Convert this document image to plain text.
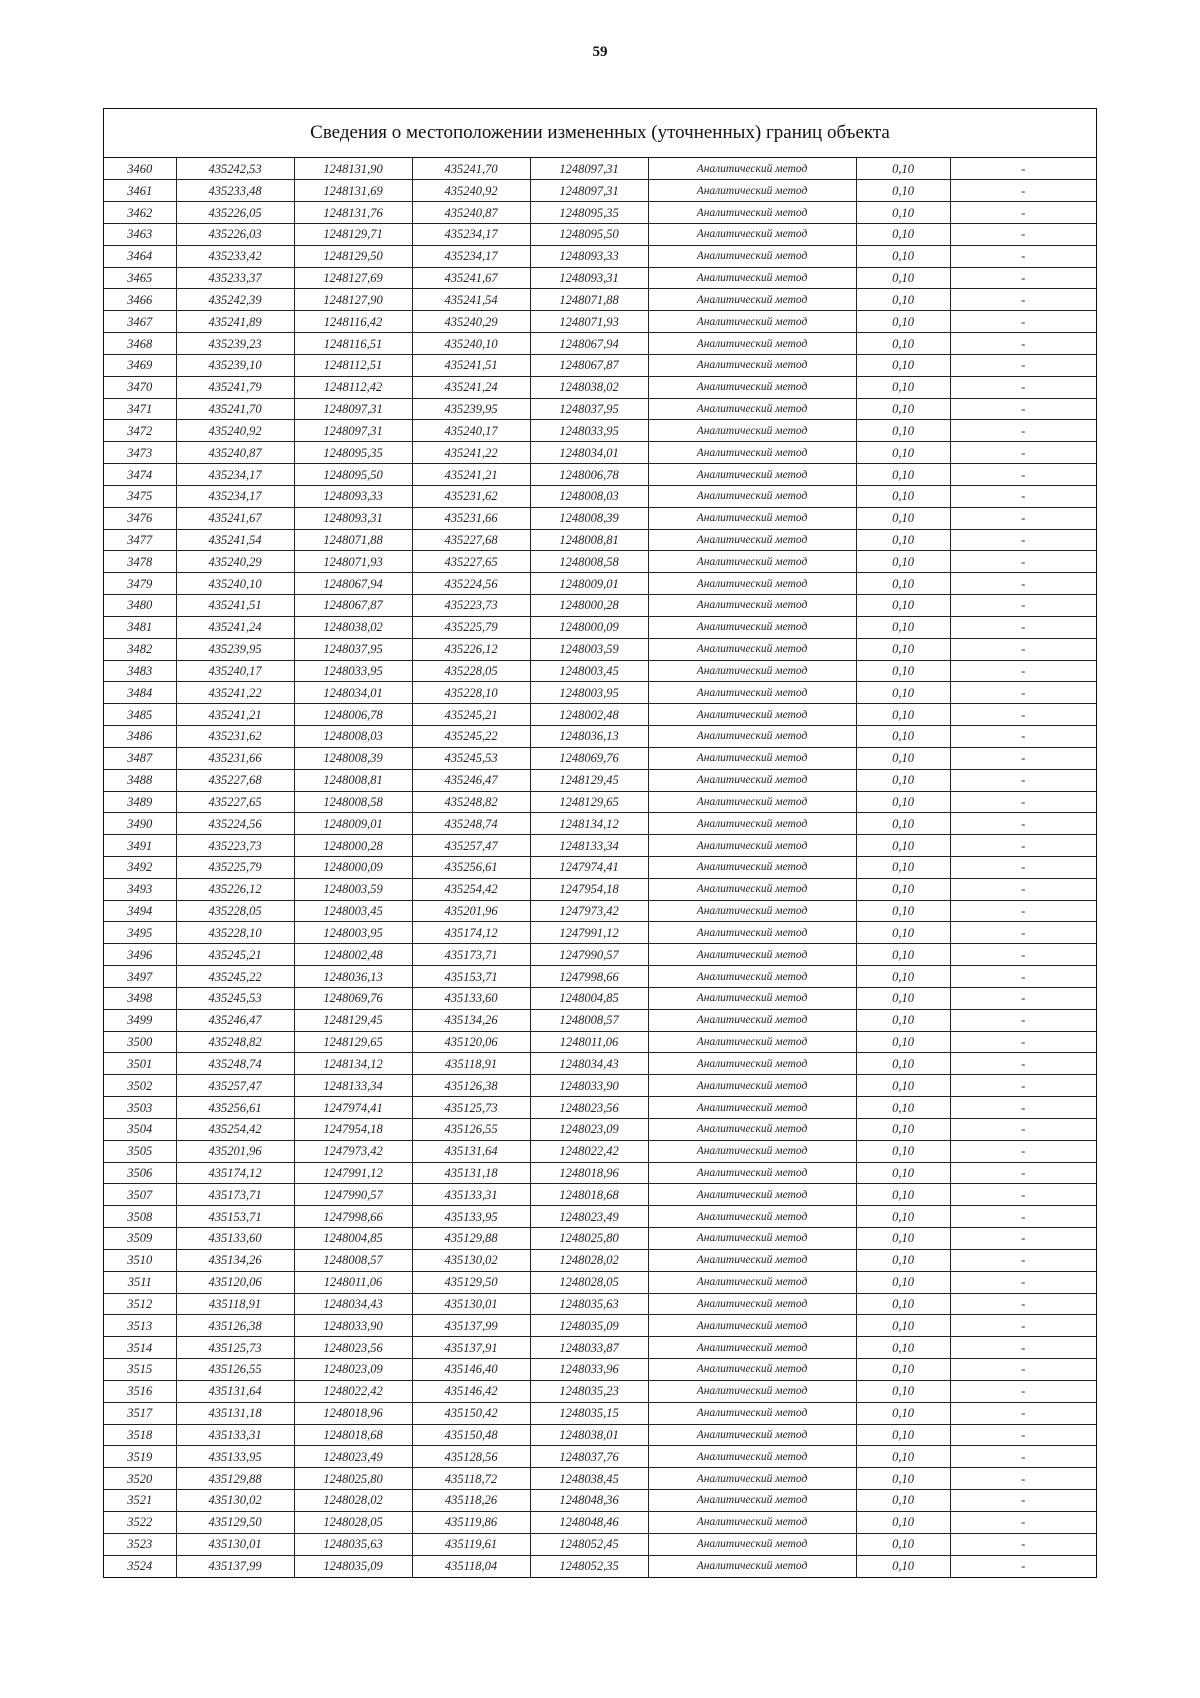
59
Сведения о местоположении измененных (уточненных) границ объекта
3460	435242,53	1248131,90	435241,70	1248097,31	Аналитический метод	0,10	-
3461	435233,48	1248131,69	435240,92	1248097,31	Аналитический метод	0,10	-
3462	435226,05	1248131,76	435240,87	1248095,35	Аналитический метод	0,10	-
3463	435226,03	1248129,71	435234,17	1248095,50	Аналитический метод	0,10	-
3464	435233,42	1248129,50	435234,17	1248093,33	Аналитический метод	0,10	-
3465	435233,37	1248127,69	435241,67	1248093,31	Аналитический метод	0,10	-
3466	435242,39	1248127,90	435241,54	1248071,88	Аналитический метод	0,10	-
3467	435241,89	1248116,42	435240,29	1248071,93	Аналитический метод	0,10	-
3468	435239,23	1248116,51	435240,10	1248067,94	Аналитический метод	0,10	-
3469	435239,10	1248112,51	435241,51	1248067,87	Аналитический метод	0,10	-
3470	435241,79	1248112,42	435241,24	1248038,02	Аналитический метод	0,10	-
3471	435241,70	1248097,31	435239,95	1248037,95	Аналитический метод	0,10	-
3472	435240,92	1248097,31	435240,17	1248033,95	Аналитический метод	0,10	-
3473	435240,87	1248095,35	435241,22	1248034,01	Аналитический метод	0,10	-
3474	435234,17	1248095,50	435241,21	1248006,78	Аналитический метод	0,10	-
3475	435234,17	1248093,33	435231,62	1248008,03	Аналитический метод	0,10	-
3476	435241,67	1248093,31	435231,66	1248008,39	Аналитический метод	0,10	-
3477	435241,54	1248071,88	435227,68	1248008,81	Аналитический метод	0,10	-
3478	435240,29	1248071,93	435227,65	1248008,58	Аналитический метод	0,10	-
3479	435240,10	1248067,94	435224,56	1248009,01	Аналитический метод	0,10	-
3480	435241,51	1248067,87	435223,73	1248000,28	Аналитический метод	0,10	-
3481	435241,24	1248038,02	435225,79	1248000,09	Аналитический метод	0,10	-
3482	435239,95	1248037,95	435226,12	1248003,59	Аналитический метод	0,10	-
3483	435240,17	1248033,95	435228,05	1248003,45	Аналитический метод	0,10	-
3484	435241,22	1248034,01	435228,10	1248003,95	Аналитический метод	0,10	-
3485	435241,21	1248006,78	435245,21	1248002,48	Аналитический метод	0,10	-
3486	435231,62	1248008,03	435245,22	1248036,13	Аналитический метод	0,10	-
3487	435231,66	1248008,39	435245,53	1248069,76	Аналитический метод	0,10	-
3488	435227,68	1248008,81	435246,47	1248129,45	Аналитический метод	0,10	-
3489	435227,65	1248008,58	435248,82	1248129,65	Аналитический метод	0,10	-
3490	435224,56	1248009,01	435248,74	1248134,12	Аналитический метод	0,10	-
3491	435223,73	1248000,28	435257,47	1248133,34	Аналитический метод	0,10	-
3492	435225,79	1248000,09	435256,61	1247974,41	Аналитический метод	0,10	-
3493	435226,12	1248003,59	435254,42	1247954,18	Аналитический метод	0,10	-
3494	435228,05	1248003,45	435201,96	1247973,42	Аналитический метод	0,10	-
3495	435228,10	1248003,95	435174,12	1247991,12	Аналитический метод	0,10	-
3496	435245,21	1248002,48	435173,71	1247990,57	Аналитический метод	0,10	-
3497	435245,22	1248036,13	435153,71	1247998,66	Аналитический метод	0,10	-
3498	435245,53	1248069,76	435133,60	1248004,85	Аналитический метод	0,10	-
3499	435246,47	1248129,45	435134,26	1248008,57	Аналитический метод	0,10	-
3500	435248,82	1248129,65	435120,06	1248011,06	Аналитический метод	0,10	-
3501	435248,74	1248134,12	435118,91	1248034,43	Аналитический метод	0,10	-
3502	435257,47	1248133,34	435126,38	1248033,90	Аналитический метод	0,10	-
3503	435256,61	1247974,41	435125,73	1248023,56	Аналитический метод	0,10	-
3504	435254,42	1247954,18	435126,55	1248023,09	Аналитический метод	0,10	-
3505	435201,96	1247973,42	435131,64	1248022,42	Аналитический метод	0,10	-
3506	435174,12	1247991,12	435131,18	1248018,96	Аналитический метод	0,10	-
3507	435173,71	1247990,57	435133,31	1248018,68	Аналитический метод	0,10	-
3508	435153,71	1247998,66	435133,95	1248023,49	Аналитический метод	0,10	-
3509	435133,60	1248004,85	435129,88	1248025,80	Аналитический метод	0,10	-
3510	435134,26	1248008,57	435130,02	1248028,02	Аналитический метод	0,10	-
3511	435120,06	1248011,06	435129,50	1248028,05	Аналитический метод	0,10	-
3512	435118,91	1248034,43	435130,01	1248035,63	Аналитический метод	0,10	-
3513	435126,38	1248033,90	435137,99	1248035,09	Аналитический метод	0,10	-
3514	435125,73	1248023,56	435137,91	1248033,87	Аналитический метод	0,10	-
3515	435126,55	1248023,09	435146,40	1248033,96	Аналитический метод	0,10	-
3516	435131,64	1248022,42	435146,42	1248035,23	Аналитический метод	0,10	-
3517	435131,18	1248018,96	435150,42	1248035,15	Аналитический метод	0,10	-
3518	435133,31	1248018,68	435150,48	1248038,01	Аналитический метод	0,10	-
3519	435133,95	1248023,49	435128,56	1248037,76	Аналитический метод	0,10	-
3520	435129,88	1248025,80	435118,72	1248038,45	Аналитический метод	0,10	-
3521	435130,02	1248028,02	435118,26	1248048,36	Аналитический метод	0,10	-
3522	435129,50	1248028,05	435119,86	1248048,46	Аналитический метод	0,10	-
3523	435130,01	1248035,63	435119,61	1248052,45	Аналитический метод	0,10	-
3524	435137,99	1248035,09	435118,04	1248052,35	Аналитический метод	0,10	-
